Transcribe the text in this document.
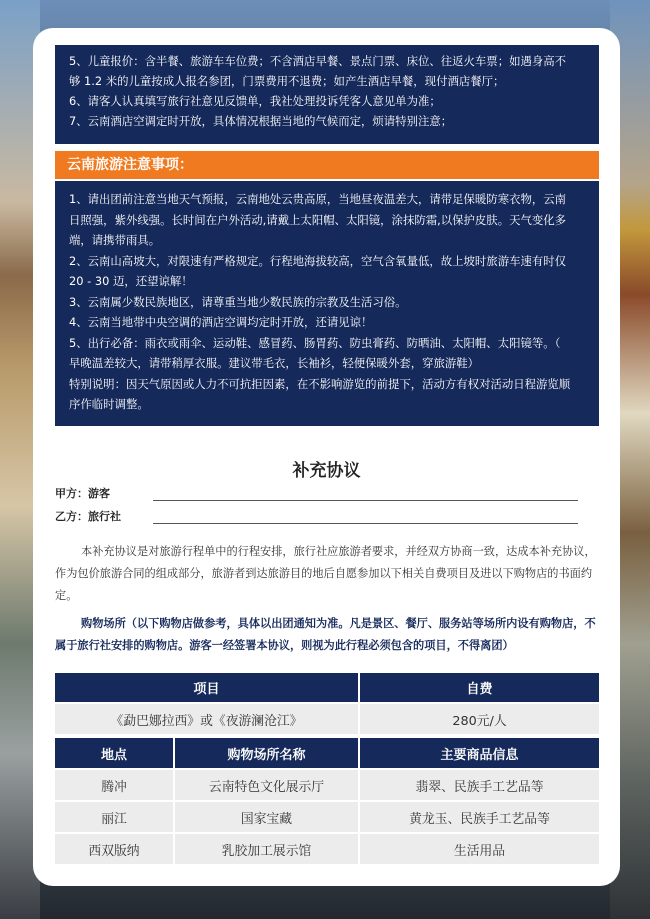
5、儿童报价：含半餐、旅游车车位费；不含酒店早餐、景点门票、床位、往返火车票；如遇身高不
够 1.2 米的儿童按成人报名参团，门票费用不退费；如产生酒店早餐，现付酒店餐厅；
6、请客人认真填写旅行社意见反馈单，我社处理投诉凭客人意见单为准；
7、云南酒店空调定时开放，具体情况根据当地的气候而定，烦请特别注意；
云南旅游注意事项：
1、请出团前注意当地天气预报，云南地处云贵高原，当地昼夜温差大，请带足保暖防寒衣物，云南
日照强，紫外线强。长时间在户外活动,请戴上太阳帽、太阳镜，涂抹防霜,以保护皮肤。天气变化多
端，请携带雨具。
2、云南山高坡大，对限速有严格规定。行程地海拔较高，空气含氧量低，故上坡时旅游车速有时仅
20 - 30 迈，还望谅解！
3、云南属少数民族地区，请尊重当地少数民族的宗教及生活习俗。
4、云南当地带中央空调的酒店空调均定时开放，还请见谅！
5、出行必备：雨衣或雨伞、运动鞋、感冒药、肠胃药、防虫膏药、防晒油、太阳帽、太阳镜等。（
早晚温差较大，请带稍厚衣服。建议带毛衣，长袖衫，轻便保暖外套，穿旅游鞋）
特别说明：因天气原因或人力不可抗拒因素，在不影响游览的前提下，活动方有权对活动日程游览顺
序作临时调整。
补充协议
甲方：游客
乙方：旅行社
本补充协议是对旅游行程单中的行程安排，旅行社应旅游者要求，并经双方协商一致，达成本补充协议，作为包价旅游合同的组成部分，旅游者到达旅游目的地后自愿参加以下相关自费项目及进以下购物店的书面约定。
购物场所（以下购物店做参考，具体以出团通知为准。凡是景区、餐厅、服务站等场所内设有购物店，不属于旅行社安排的购物店。游客一经签署本协议，则视为此行程必须包含的项目，不得离团）
项目	自费
《勐巴娜拉西》或《夜游澜沧江》	280元/人
地点	购物场所名称	主要商品信息
腾冲	云南特色文化展示厅	翡翠、民族手工艺品等
丽江	国家宝藏	黄龙玉、民族手工艺品等
西双版纳	乳胶加工展示馆	生活用品
